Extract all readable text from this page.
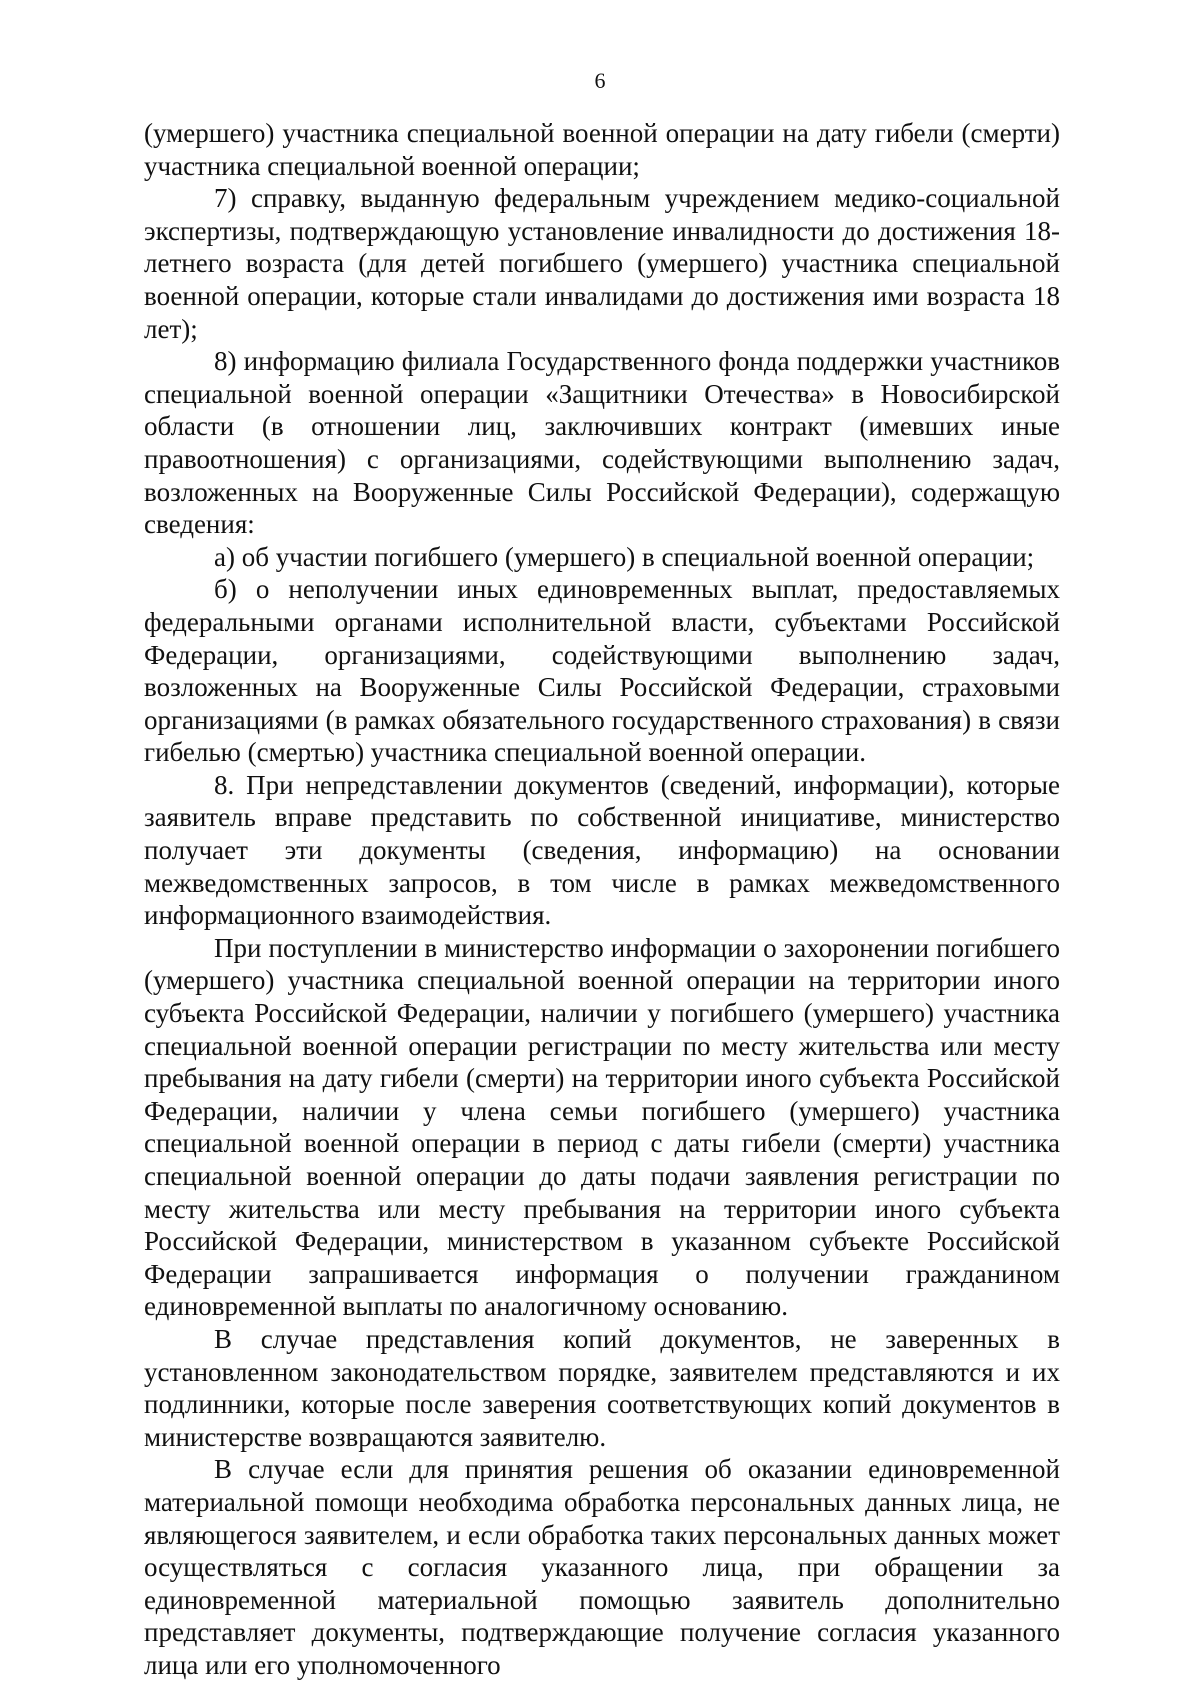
6

(умершего) участника специальной военной операции на дату гибели (смерти) участника специальной военной операции;

7) справку, выданную федеральным учреждением медико-социальной экспертизы, подтверждающую установление инвалидности до достижения 18-летнего возраста (для детей погибшего (умершего) участника специальной военной операции, которые стали инвалидами до достижения ими возраста 18 лет);

8) информацию филиала Государственного фонда поддержки участников специальной военной операции «Защитники Отечества» в Новосибирской области (в отношении лиц, заключивших контракт (имевших иные правоотношения) с организациями, содействующими выполнению задач, возложенных на Вооруженные Силы Российской Федерации), содержащую сведения:

а) об участии погибшего (умершего) в специальной военной операции;

б) о неполучении иных единовременных выплат, предоставляемых федеральными органами исполнительной власти, субъектами Российской Федерации, организациями, содействующими выполнению задач, возложенных на Вооруженные Силы Российской Федерации, страховыми организациями (в рамках обязательного государственного страхования) в связи гибелью (смертью) участника специальной военной операции.

8. При непредставлении документов (сведений, информации), которые заявитель вправе представить по собственной инициативе, министерство получает эти документы (сведения, информацию) на основании межведомственных запросов, в том числе в рамках межведомственного информационного взаимодействия.

При поступлении в министерство информации о захоронении погибшего (умершего) участника специальной военной операции на территории иного субъекта Российской Федерации, наличии у погибшего (умершего) участника специальной военной операции регистрации по месту жительства или месту пребывания на дату гибели (смерти) на территории иного субъекта Российской Федерации, наличии у члена семьи погибшего (умершего) участника специальной военной операции в период с даты гибели (смерти) участника специальной военной операции до даты подачи заявления регистрации по месту жительства или месту пребывания на территории иного субъекта Российской Федерации, министерством в указанном субъекте Российской Федерации запрашивается информация о получении гражданином единовременной выплаты по аналогичному основанию.

В случае представления копий документов, не заверенных в установленном законодательством порядке, заявителем представляются и их подлинники, которые после заверения соответствующих копий документов в министерстве возвращаются заявителю.

В случае если для принятия решения об оказании единовременной материальной помощи необходима обработка персональных данных лица, не являющегося заявителем, и если обработка таких персональных данных может осуществляться с согласия указанного лица, при обращении за единовременной материальной помощью заявитель дополнительно представляет документы, подтверждающие получение согласия указанного лица или его уполномоченного
